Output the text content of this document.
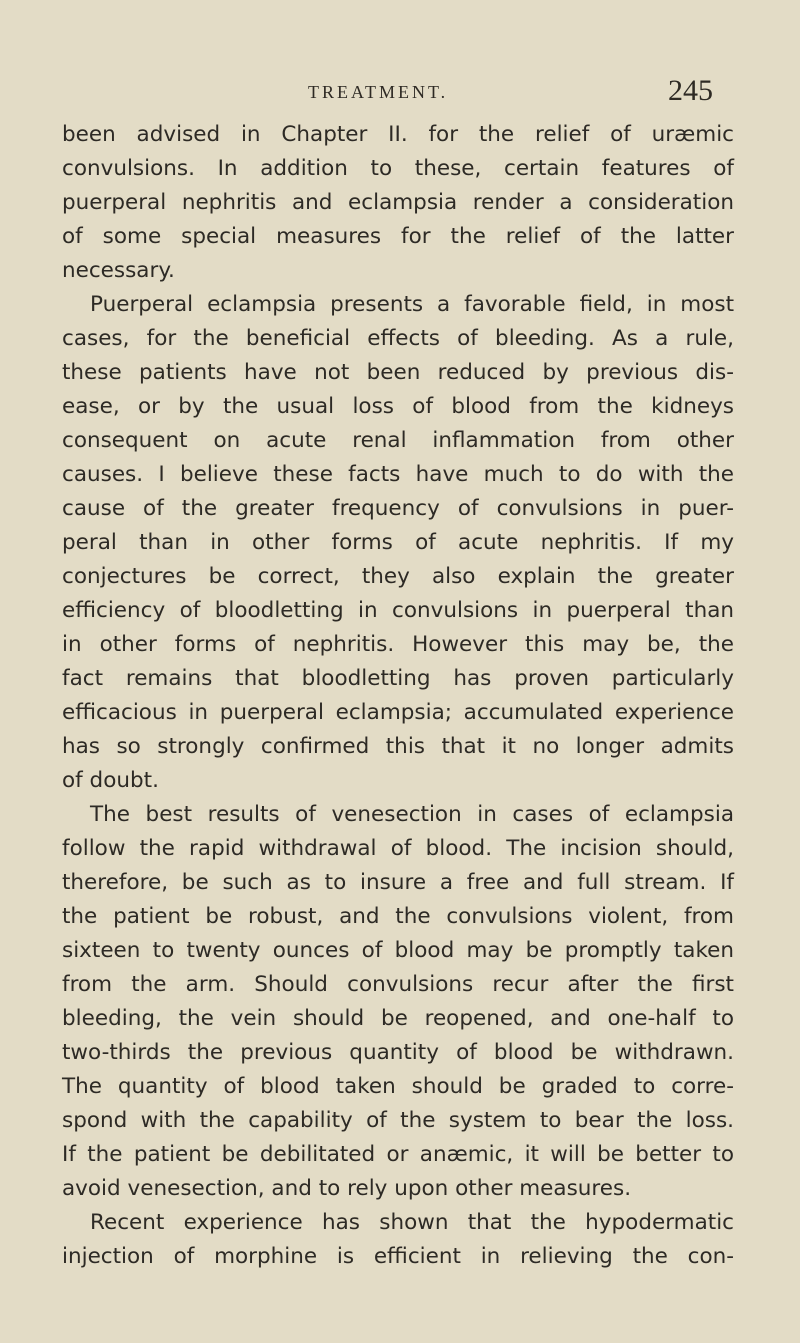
TREATMENT.	245
been advised in Chapter II. for the relief of uræmic
convulsions. In addition to these, certain features of
puerperal nephritis and eclampsia render a consideration
of some special measures for the relief of the latter
necessary.
Puerperal eclampsia presents a favorable field, in most
cases, for the beneficial effects of bleeding. As a rule,
these patients have not been reduced by previous dis-
ease, or by the usual loss of blood from the kidneys
consequent on acute renal inflammation from other
causes. I believe these facts have much to do with the
cause of the greater frequency of convulsions in puer-
peral than in other forms of acute nephritis. If my
conjectures be correct, they also explain the greater
efficiency of bloodletting in convulsions in puerperal than
in other forms of nephritis. However this may be, the
fact remains that bloodletting has proven particularly
efficacious in puerperal eclampsia; accumulated experience
has so strongly confirmed this that it no longer admits
of doubt.
The best results of venesection in cases of eclampsia
follow the rapid withdrawal of blood. The incision should,
therefore, be such as to insure a free and full stream. If
the patient be robust, and the convulsions violent, from
sixteen to twenty ounces of blood may be promptly taken
from the arm. Should convulsions recur after the first
bleeding, the vein should be reopened, and one-half to
two-thirds the previous quantity of blood be withdrawn.
The quantity of blood taken should be graded to corre-
spond with the capability of the system to bear the loss.
If the patient be debilitated or anæmic, it will be better to
avoid venesection, and to rely upon other measures.
Recent experience has shown that the hypodermatic
injection of morphine is efficient in relieving the con-
